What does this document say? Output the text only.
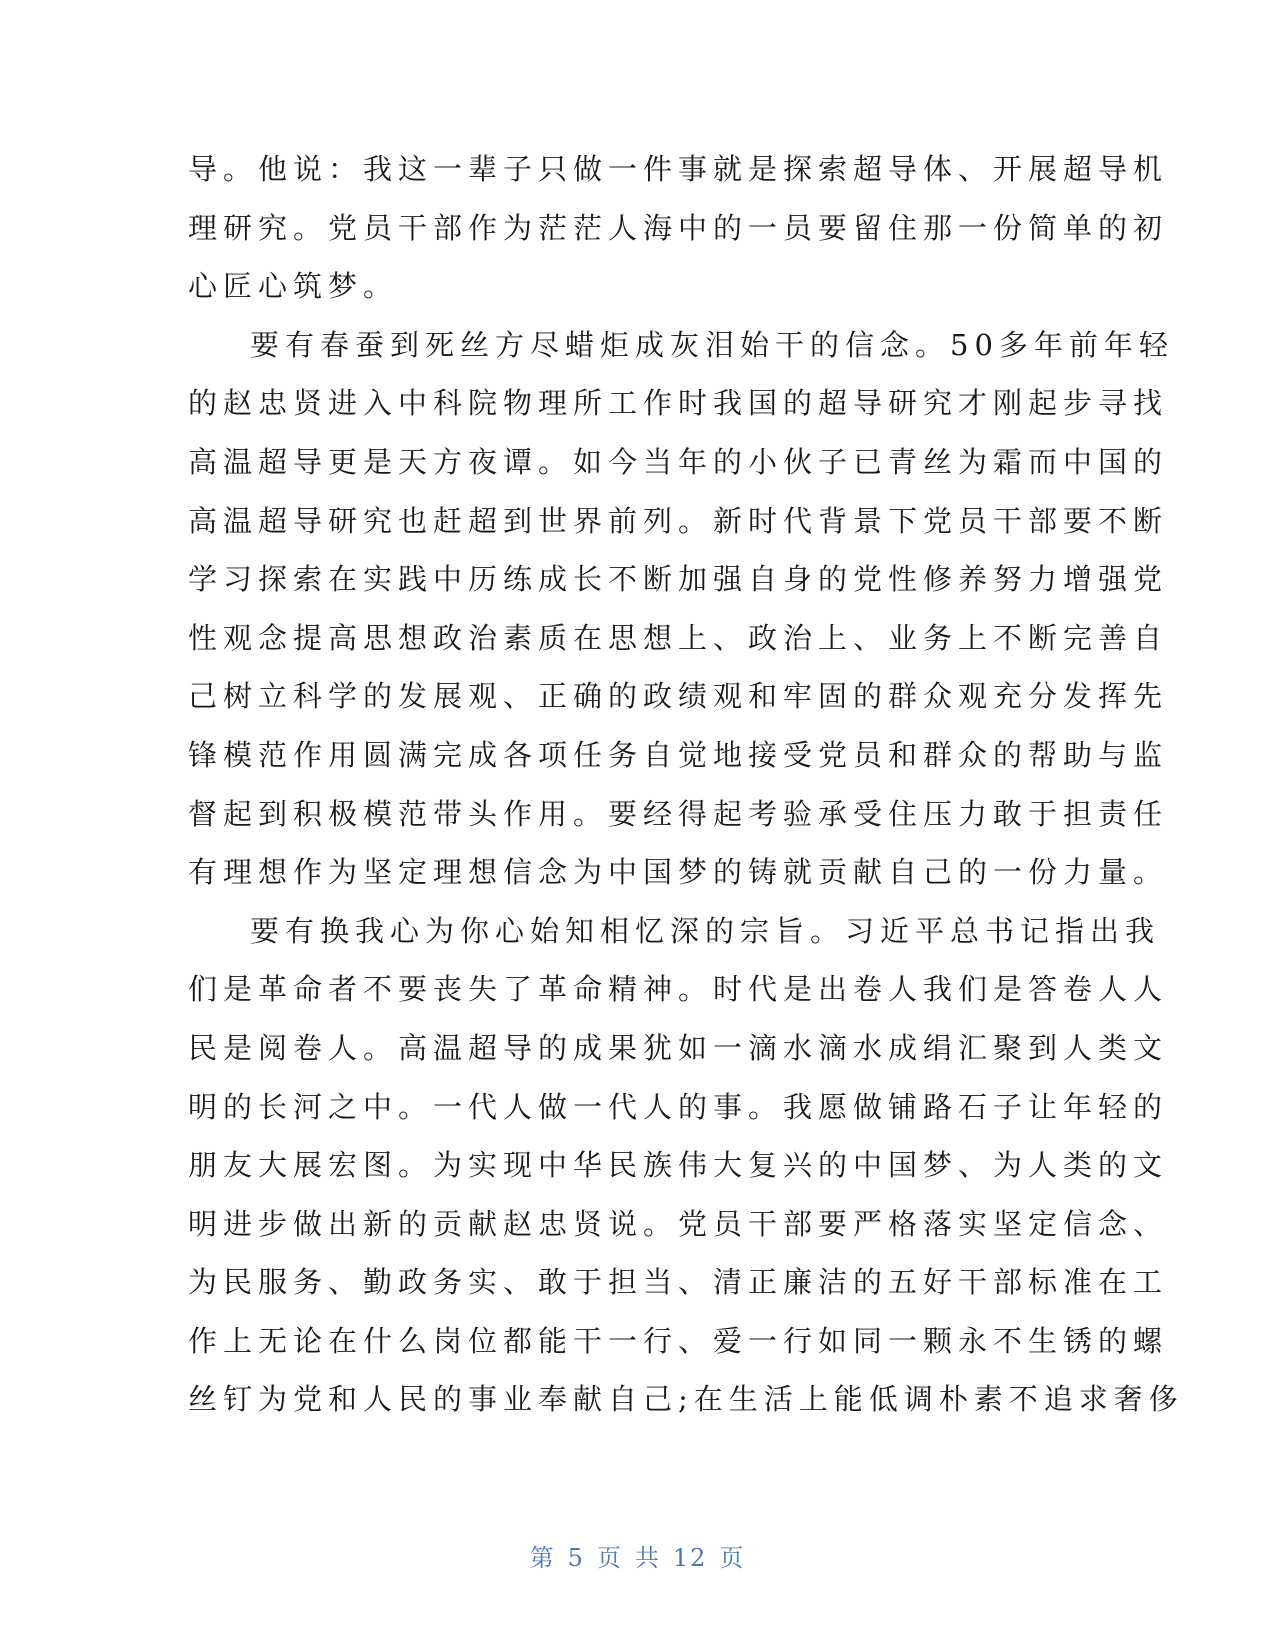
导。他说：我这一辈子只做一件事就是探索超导体、开展超导机
理研究。党员干部作为茫茫人海中的一员要留住那一份简单的初
心匠心筑梦。
要有春蚕到死丝方尽蜡炬成灰泪始干的信念。50多年前年轻
的赵忠贤进入中科院物理所工作时我国的超导研究才刚起步寻找
高温超导更是天方夜谭。如今当年的小伙子已青丝为霜而中国的
高温超导研究也赶超到世界前列。新时代背景下党员干部要不断
学习探索在实践中历练成长不断加强自身的党性修养努力增强党
性观念提高思想政治素质在思想上、政治上、业务上不断完善自
己树立科学的发展观、正确的政绩观和牢固的群众观充分发挥先
锋模范作用圆满完成各项任务自觉地接受党员和群众的帮助与监
督起到积极模范带头作用。要经得起考验承受住压力敢于担责任
有理想作为坚定理想信念为中国梦的铸就贡献自己的一份力量。
要有换我心为你心始知相忆深的宗旨。习近平总书记指出我
们是革命者不要丧失了革命精神。时代是出卷人我们是答卷人人
民是阅卷人。高温超导的成果犹如一滴水滴水成绢汇聚到人类文
明的长河之中。一代人做一代人的事。我愿做铺路石子让年轻的
朋友大展宏图。为实现中华民族伟大复兴的中国梦、为人类的文
明进步做出新的贡献赵忠贤说。党员干部要严格落实坚定信念、
为民服务、勤政务实、敢于担当、清正廉洁的五好干部标准在工
作上无论在什么岗位都能干一行、爱一行如同一颗永不生锈的螺
丝钉为党和人民的事业奉献自己;在生活上能低调朴素不追求奢侈
第 5 页 共 12 页
